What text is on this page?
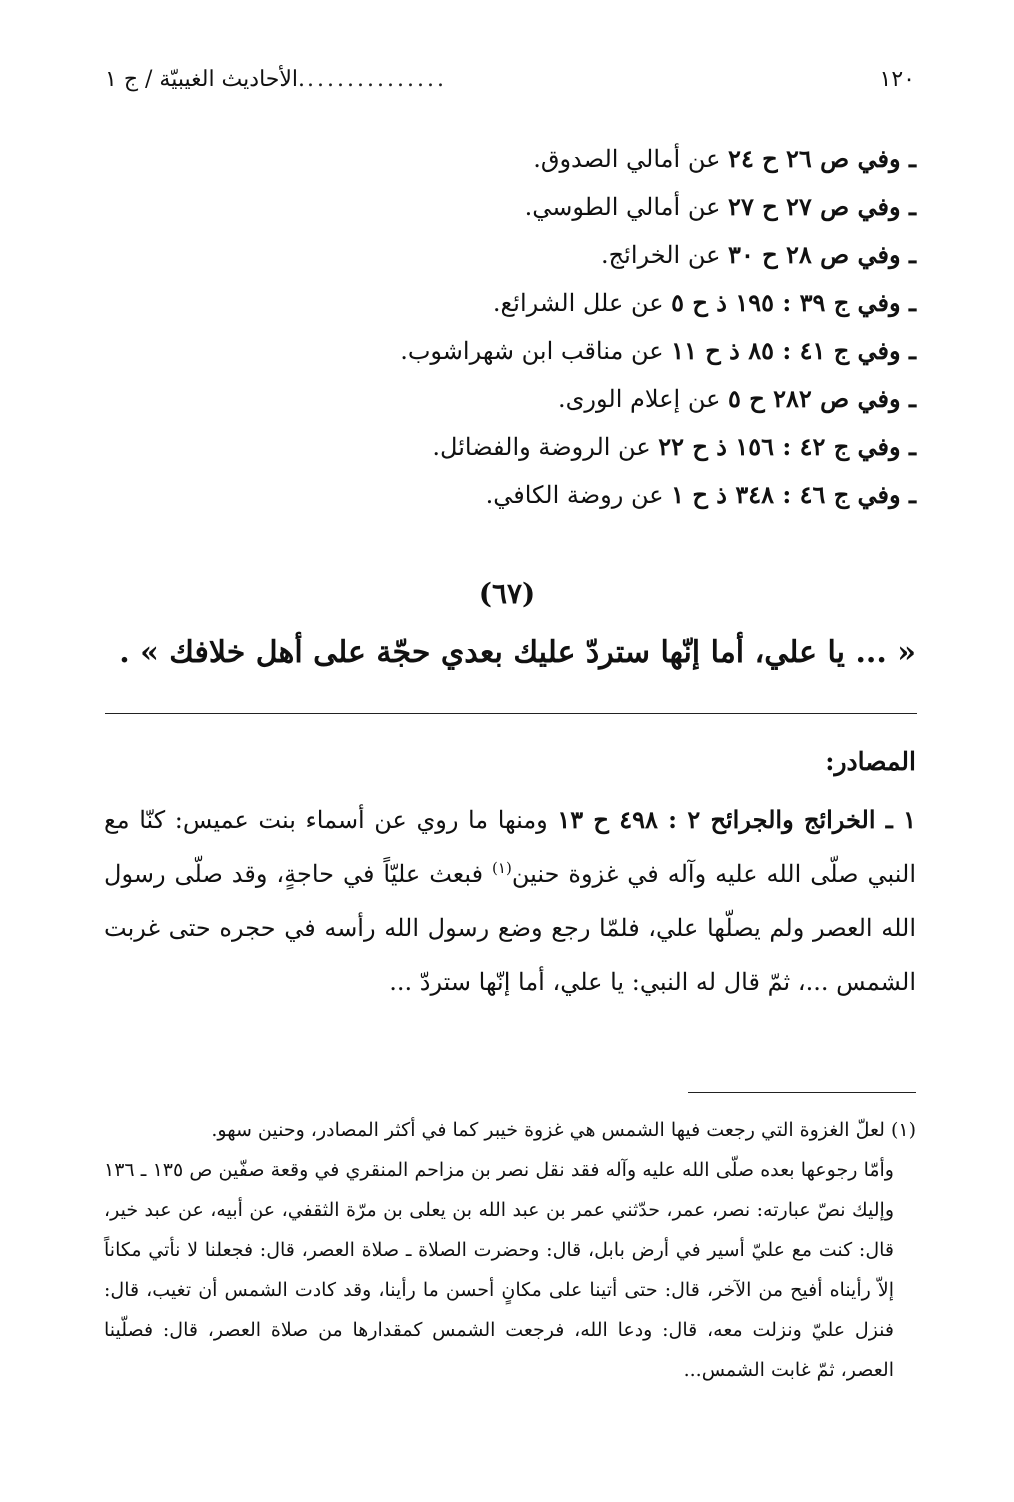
١٢٠
..............
.الأحاديث الغيبيّة / ج ١
ـ وفي ص ٢٦ ح ٢٤ عن أمالي الصدوق.
ـ وفي ص ٢٧ ح ٢٧ عن أمالي الطوسي.
ـ وفي ص ٢٨ ح ٣٠ عن الخرائج.
ـ وفي ج ٣٩ : ١٩٥ ذ ح ٥ عن علل الشرائع.
ـ وفي ج ٤١ : ٨٥ ذ ح ١١ عن مناقب ابن شهراشوب.
ـ وفي ص ٢٨٢ ح ٥ عن إعلام الورى.
ـ وفي ج ٤٢ : ١٥٦ ذ ح ٢٢ عن الروضة والفضائل.
ـ وفي ج ٤٦ : ٣٤٨ ذ ح ١ عن روضة الكافي.
(٦٧)
« ... يا علي، أما إنّها ستردّ عليك بعدي حجّة على أهل خلافك » .
المصادر:
١ ـ الخرائج والجرائح ٢ : ٤٩٨ ح ١٣ ومنها ما روي عن أسماء بنت عميس: كنّا مع النبي صلّى الله عليه وآله في غزوة حنين$^{(١)}$ فبعث عليّاً في حاجةٍ، وقد صلّى رسول الله العصر ولم يصلّها علي، فلمّا رجع وضع رسول الله رأسه في حجره حتى غربت الشمس ...، ثمّ قال له النبي: يا علي، أما إنّها ستردّ ...

(١) لعلّ الغزوة التي رجعت فيها الشمس هي غزوة خيبر كما في أكثر المصادر، وحنين سهو.

وأمّا رجوعها بعده صلّى الله عليه وآله فقد نقل نصر بن مزاحم المنقري في وقعة صفّين ص ١٣٥ ـ ١٣٦ وإليك نصّ عبارته: نصر، عمر، حدّثني عمر بن عبد الله بن يعلى بن مرّة الثقفي، عن أبيه، عن عبد خير، قال: كنت مع عليّ أسير في أرض بابل، قال: وحضرت الصلاة ـ صلاة العصر، قال: فجعلنا لا نأتي مكاناً إلاّ رأيناه أفيح من الآخر، قال: حتى أتينا على مكانٍ أحسن ما رأينا، وقد كادت الشمس أن تغيب، قال: فنزل عليّ ونزلت معه، قال: ودعا الله، فرجعت الشمس كمقدارها من صلاة العصر، قال: فصلّينا العصر، ثمّ غابت الشمس...
